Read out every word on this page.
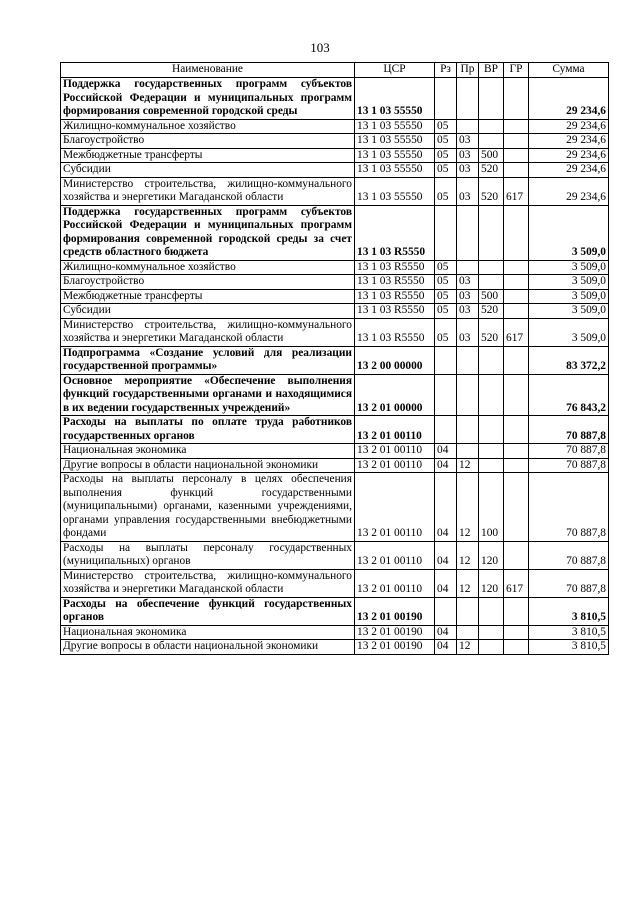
103
Наименование	ЦСР	Рз	Пр	ВР	ГР	Сумма
Поддержка государственных программ субъектов Российской Федерации и муниципальных программ формирования современной городской среды	13 1 03 55550					29 234,6
Жилищно-коммунальное хозяйство	13 1 03 55550	05				29 234,6
Благоустройство	13 1 03 55550	05	03			29 234,6
Межбюджетные трансферты	13 1 03 55550	05	03	500		29 234,6
Субсидии	13 1 03 55550	05	03	520		29 234,6
Министерство строительства, жилищно-коммунального хозяйства и энергетики Магаданской области	13 1 03 55550	05	03	520	617	29 234,6
Поддержка государственных программ субъектов Российской Федерации и муниципальных программ формирования современной городской среды за счет средств областного бюджета	13 1 03 R5550					3 509,0
Жилищно-коммунальное хозяйство	13 1 03 R5550	05				3 509,0
Благоустройство	13 1 03 R5550	05	03			3 509,0
Межбюджетные трансферты	13 1 03 R5550	05	03	500		3 509,0
Субсидии	13 1 03 R5550	05	03	520		3 509,0
Министерство строительства, жилищно-коммунального хозяйства и энергетики Магаданской области	13 1 03 R5550	05	03	520	617	3 509,0
Подпрограмма «Создание условий для реализации государственной программы»	13 2 00 00000					83 372,2
Основное мероприятие «Обеспечение выполнения функций государственными органами и находящимися в их ведении государственных учреждений»	13 2 01 00000					76 843,2
Расходы на выплаты по оплате труда работников государственных органов	13 2 01 00110					70 887,8
Национальная экономика	13 2 01 00110	04				70 887,8
Другие вопросы в области национальной экономики	13 2 01 00110	04	12			70 887,8
Расходы на выплаты персоналу в целях обеспечения выполнения функций государственными (муниципальными) органами, казенными учреждениями, органами управления государственными внебюджетными фондами	13 2 01 00110	04	12	100		70 887,8
Расходы на выплаты персоналу государственных (муниципальных) органов	13 2 01 00110	04	12	120		70 887,8
Министерство строительства, жилищно-коммунального хозяйства и энергетики Магаданской области	13 2 01 00110	04	12	120	617	70 887,8
Расходы на обеспечение функций государственных органов	13 2 01 00190					3 810,5
Национальная экономика	13 2 01 00190	04				3 810,5
Другие вопросы в области национальной экономики	13 2 01 00190	04	12			3 810,5
